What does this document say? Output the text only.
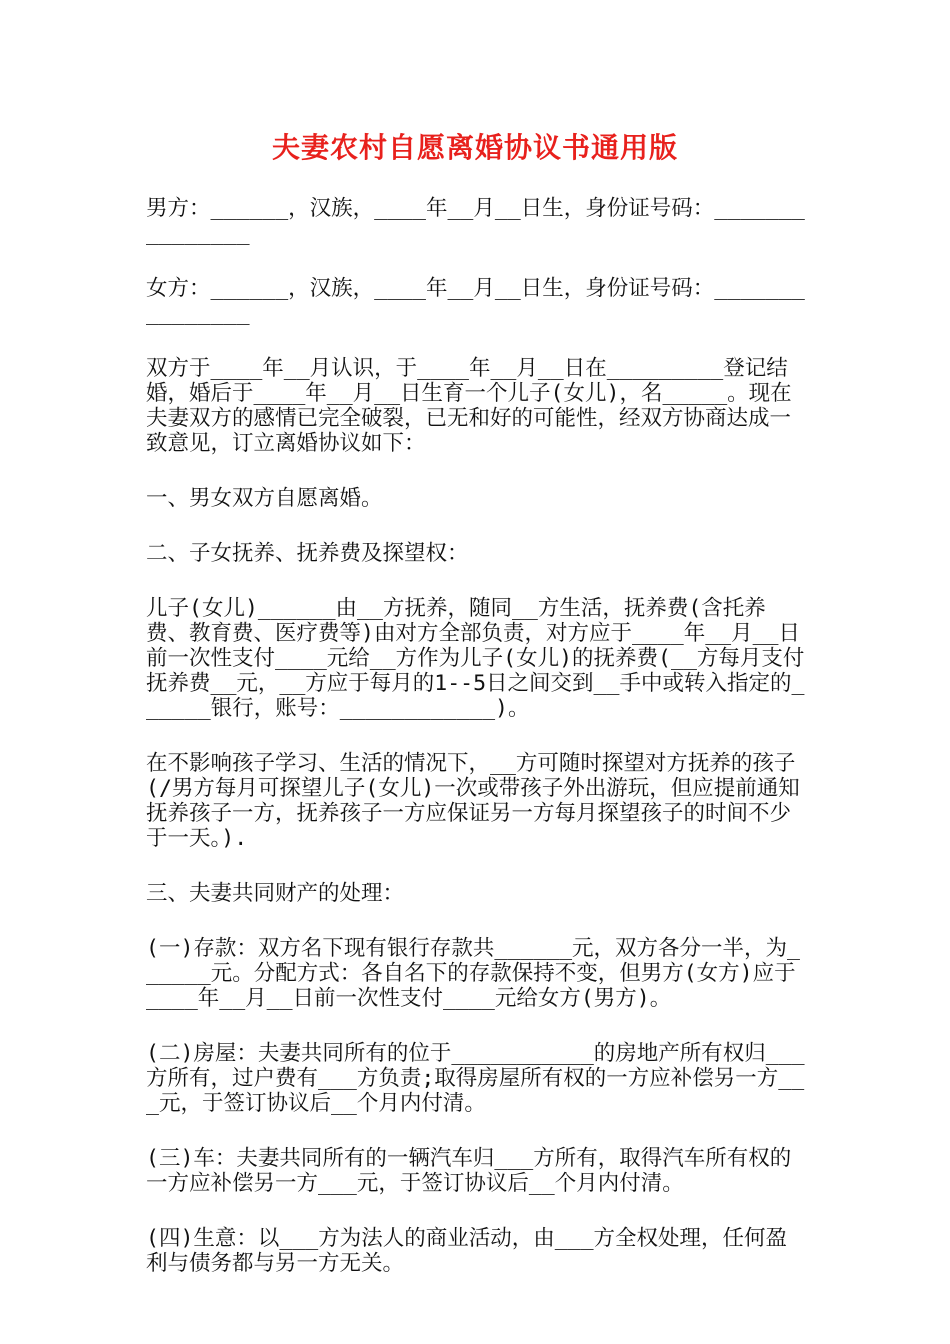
夫妻农村自愿离婚协议书通用版

男方：______，汉族，____年__月__日生，身份证号码：_______________

女方：______，汉族，____年__月__日生，身份证号码：_______________

双方于____年__月认识，于____年__月__日在_________登记结婚，婚后于____年__月__日生育一个儿子(女儿)，名_____。现在夫妻双方的感情已完全破裂，已无和好的可能性，经双方协商达成一致意见，订立离婚协议如下：

一、男女双方自愿离婚。

二、子女抚养、抚养费及探望权：

儿子(女儿)______由__方抚养，随同__方生活，抚养费(含托养费、教育费、医疗费等)由对方全部负责，对方应于____年__月__日前一次性支付____元给__方作为儿子(女儿)的抚养费(__方每月支付抚养费__元，__方应于每月的1--5日之间交到__手中或转入指定的______银行，账号：____________)。

在不影响孩子学习、生活的情况下，__方可随时探望对方抚养的孩子(/男方每月可探望儿子(女儿)一次或带孩子外出游玩，但应提前通知抚养孩子一方，抚养孩子一方应保证另一方每月探望孩子的时间不少于一天。).

三、夫妻共同财产的处理：

(一)存款：双方名下现有银行存款共______元，双方各分一半，为______元。分配方式：各自名下的存款保持不变，但男方(女方)应于____年__月__日前一次性支付____元给女方(男方)。

(二)房屋：夫妻共同所有的位于___________的房地产所有权归___方所有，过户费有___方负责;取得房屋所有权的一方应补偿另一方___元，于签订协议后__个月内付清。

(三)车：夫妻共同所有的一辆汽车归___方所有，取得汽车所有权的一方应补偿另一方___元，于签订协议后__个月内付清。

(四)生意：以___方为法人的商业活动，由___方全权处理，任何盈利与债务都与另一方无关。
